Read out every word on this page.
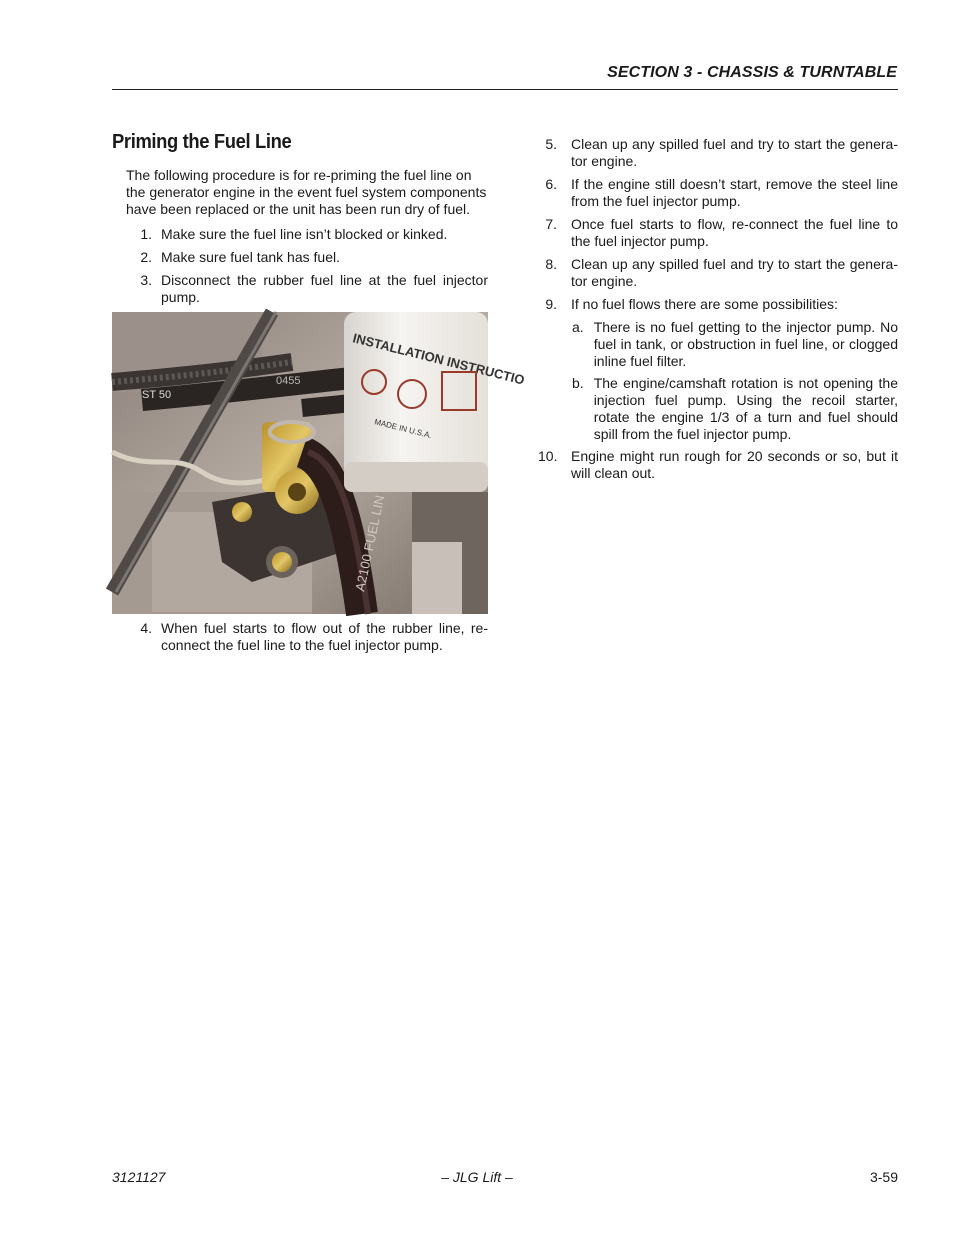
SECTION 3 - CHASSIS & TURNTABLE
Priming the Fuel Line

The following procedure is for re-priming the fuel line on the generator engine in the event fuel system components have been replaced or the unit has been run dry of fuel.

1. Make sure the fuel line isn’t blocked or kinked.
2. Make sure fuel tank has fuel.
3. Disconnect the rubber fuel line at the fuel injector pump.
A2100 FUEL LIN
INSTALLATION INSTRUCTIO
MADE IN U.S.A.
ST 50
0455
4. When fuel starts to flow out of the rubber line, re-connect the fuel line to the fuel injector pump.
5. Clean up any spilled fuel and try to start the genera-tor engine.
6. If the engine still doesn’t start, remove the steel line from the fuel injector pump.
7. Once fuel starts to flow, re-connect the fuel line to the fuel injector pump.
8. Clean up any spilled fuel and try to start the genera-tor engine.
9. If no fuel flows there are some possibilities:
a. There is no fuel getting to the injector pump. No fuel in tank, or obstruction in fuel line, or clogged inline fuel filter.
b. The engine/camshaft rotation is not opening the injection fuel pump. Using the recoil starter, rotate the engine 1/3 of a turn and fuel should spill from the fuel injector pump.
10. Engine might run rough for 20 seconds or so, but it will clean out.
3121127	– JLG Lift –	3-59
